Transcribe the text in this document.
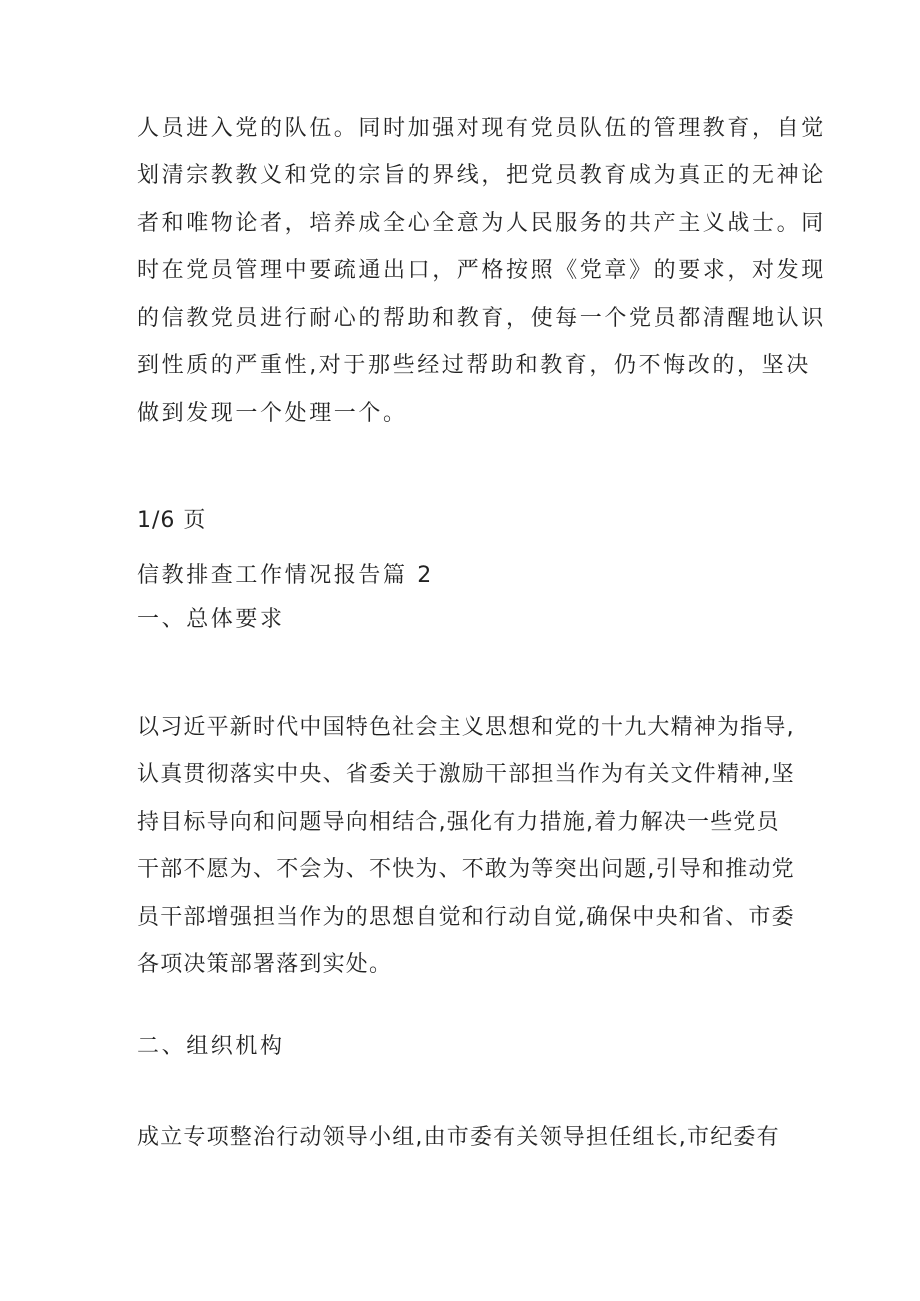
人员进入党的队伍。同时加强对现有党员队伍的管理教育，自觉
划清宗教教义和党的宗旨的界线，把党员教育成为真正的无神论
者和唯物论者，培养成全心全意为人民服务的共产主义战士。同
时在党员管理中要疏通出口，严格按照《党章》的要求，对发现
的信教党员进行耐心的帮助和教育，使每一个党员都清醒地认识
到性质的严重性,对于那些经过帮助和教育，仍不悔改的，坚决
做到发现一个处理一个。
1/6 页
信教排查工作情况报告篇 2
一、总体要求
以习近平新时代中国特色社会主义思想和党的十九大精神为指导,
认真贯彻落实中央、省委关于激励干部担当作为有关文件精神,坚
持目标导向和问题导向相结合,强化有力措施,着力解决一些党员
干部不愿为、不会为、不快为、不敢为等突出问题,引导和推动党
员干部增强担当作为的思想自觉和行动自觉,确保中央和省、市委
各项决策部署落到实处。
二、组织机构
成立专项整治行动领导小组,由市委有关领导担任组长,市纪委有
